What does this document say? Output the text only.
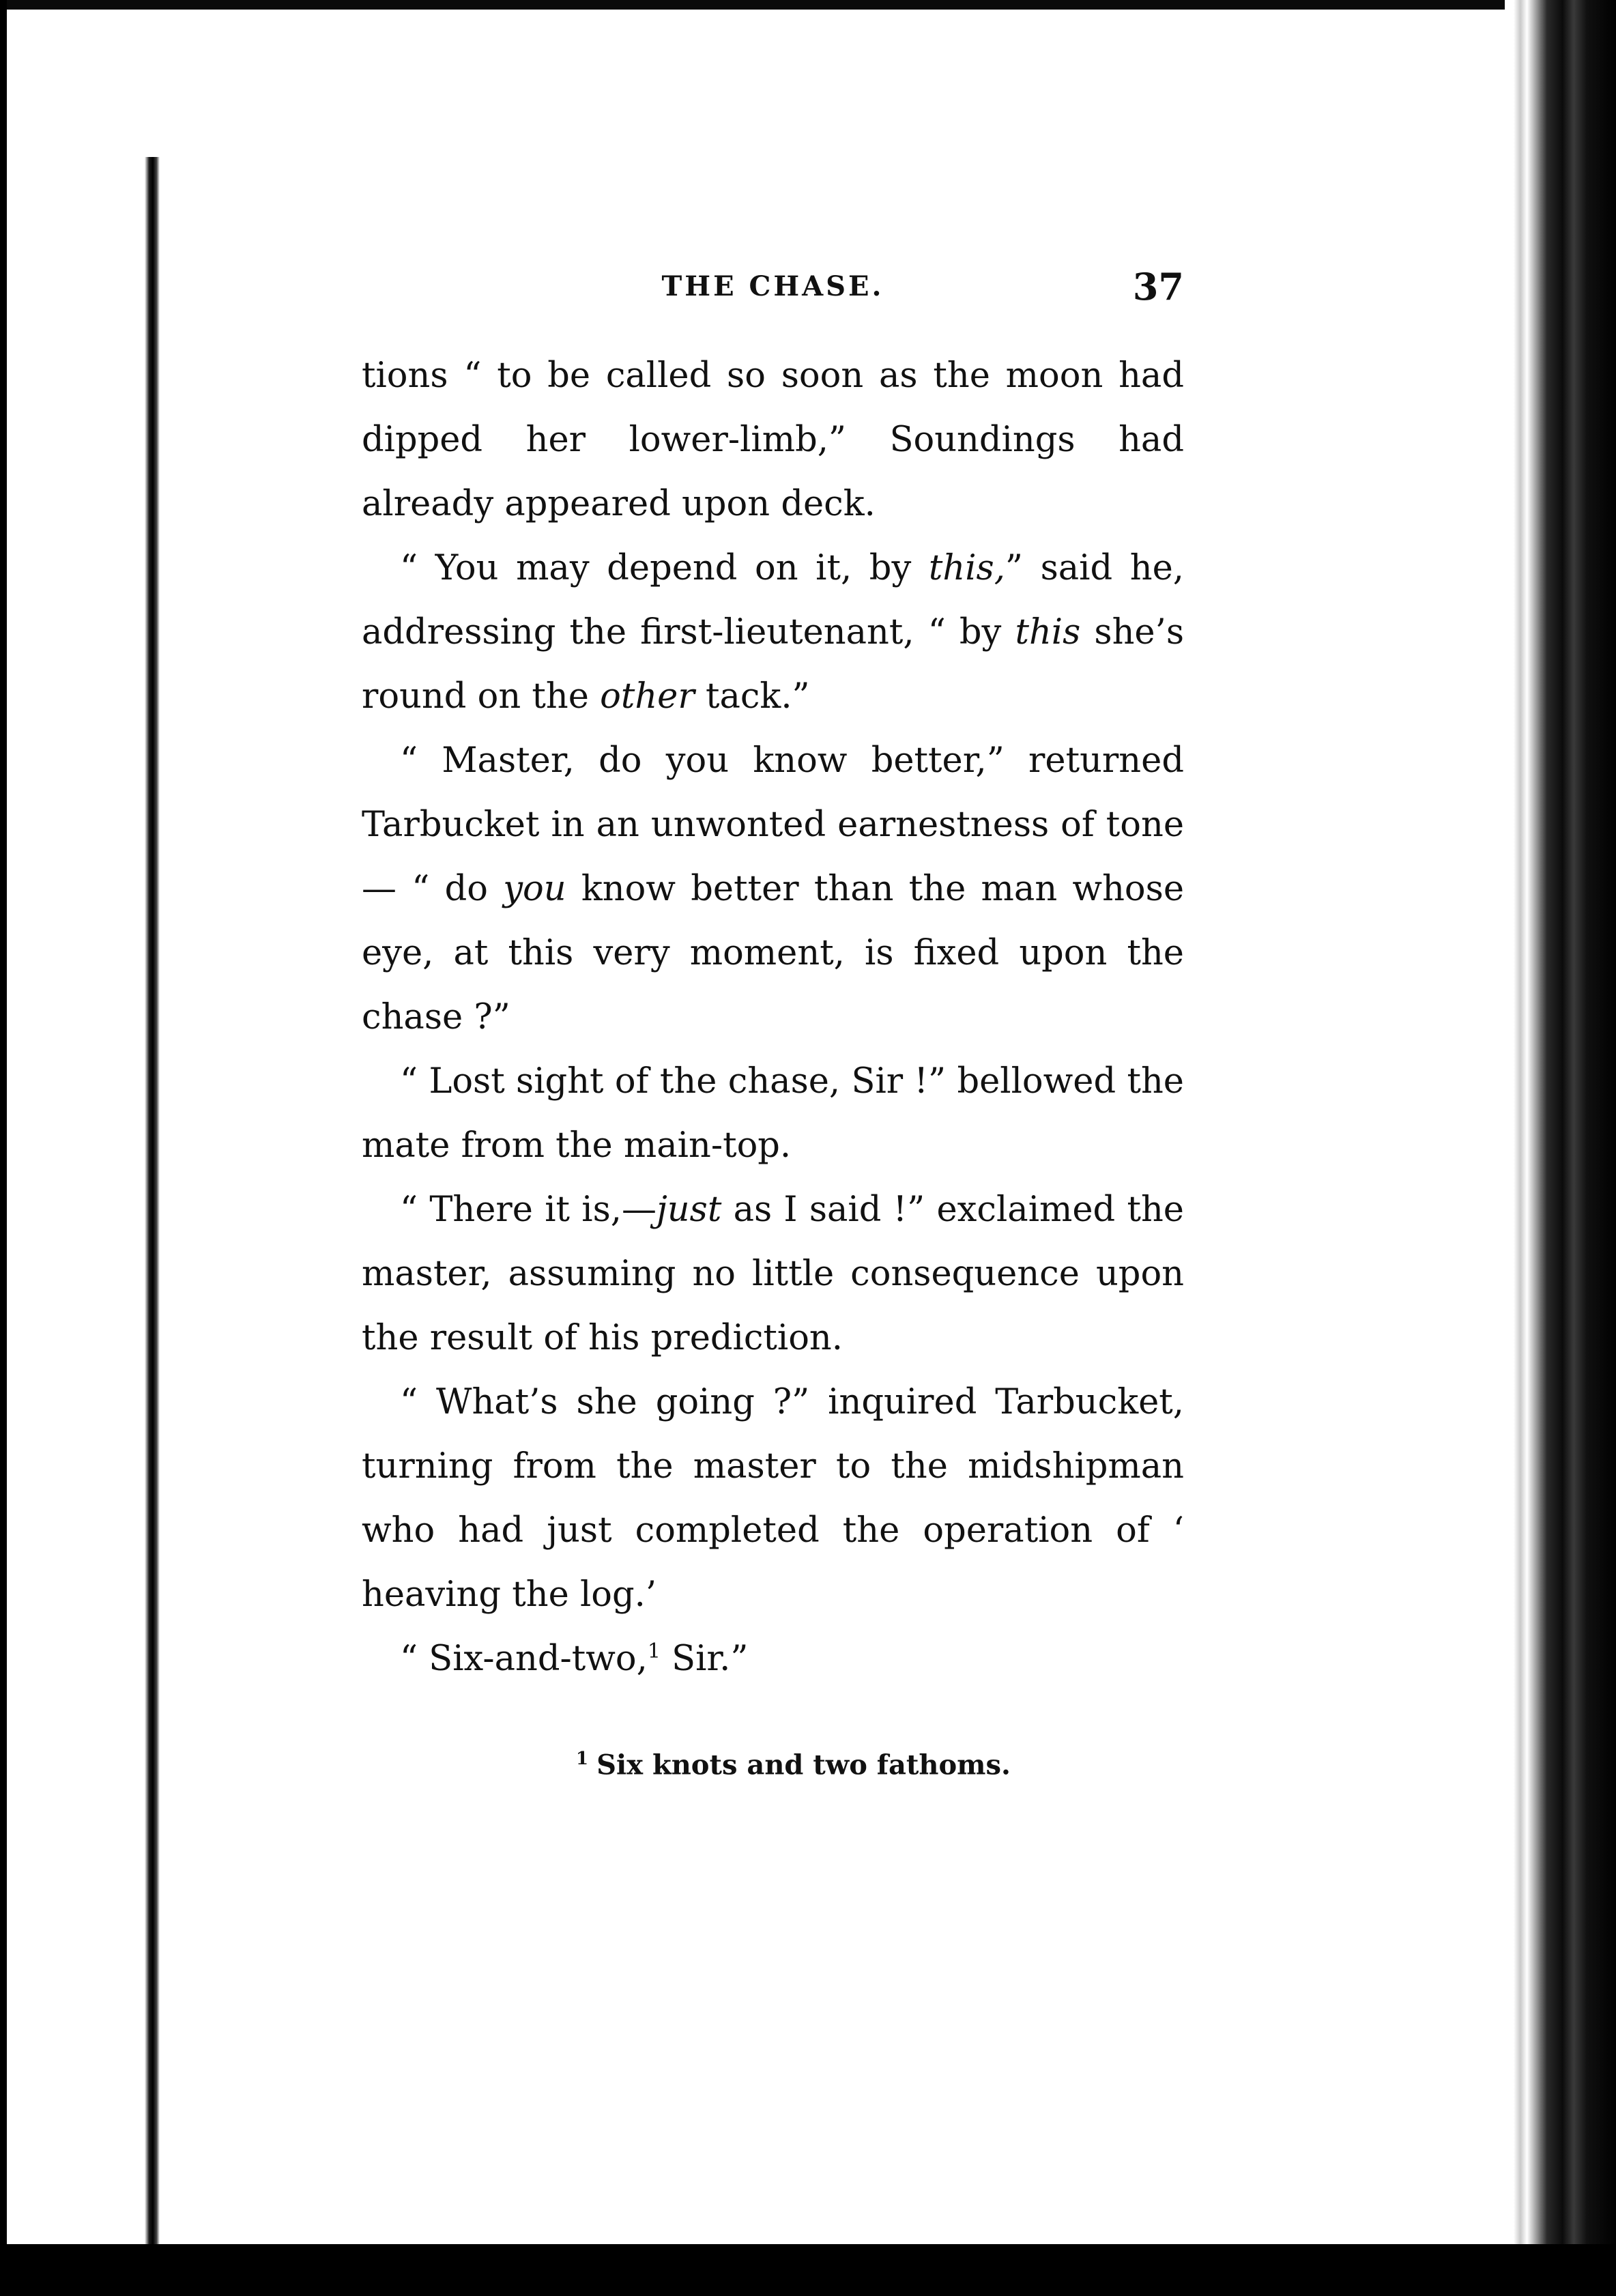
THE CHASE.	37

tions “ to be called so soon as the moon had dipped her lower-limb,” Soundings had already appeared upon deck.

“ You may depend on it, by this,” said he, addressing the first-lieutenant, “ by this she’s round on the other tack.”

“ Master, do you know better,” returned Tarbucket in an unwonted earnestness of tone— “ do you know better than the man whose eye, at this very moment, is fixed upon the chase ?”

“ Lost sight of the chase, Sir !” bellowed the mate from the main-top.

“ There it is,—just as I said !” exclaimed the master, assuming no little consequence upon the result of his prediction.

“ What’s she going ?” inquired Tarbucket, turning from the master to the midshipman who had just completed the operation of ‘ heaving the log.’

“ Six-and-two,$^1$ Sir.”

$^1$ Six knots and two fathoms.
